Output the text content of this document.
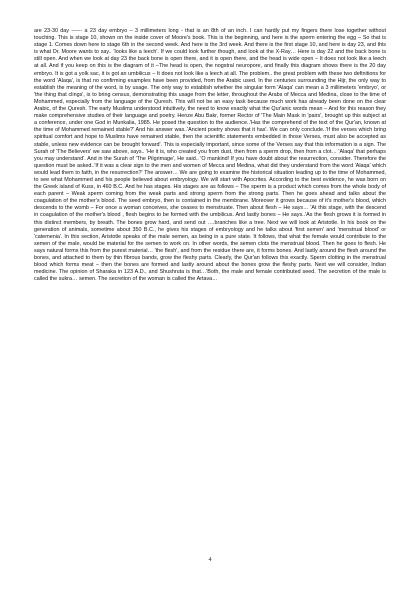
are 23-30 day ------ a 23 day embryo – 3 millimeters long - that is an 8th of an inch. I can hardly put my fingers there lose together without touching. This is stage 10, shown on the inside cover of Moore's book. This is the beginning, and here is the sperm entering the egg – So that is stage 1. Comes down here to stage 6th in the second week. And here is the 3rd week. And there is the first stage 10, and here is day 23, and this is what Dr. Moore wants to say.. 'looks like a leech'. If we could look further though, and look at the X-Ray… Here is day 22 and the back bone is still open. And when we look at day 23 the back bone is open there, and it is open there, and the head is wide open – It does not look like a leech at all. And if you keep on this is the diagram of it –The head is open, the nogstral neuropore, and finally this diagram shows there is the 20 day embryo. It is got a yolk sac, it is got an umbilicus – It does not look like a leech at all. The problem.. the great problem with these two definitions for the word 'Alaqa', is that no confirming examples have been provided, from the Arabic used. In the centuries surrounding the Hijr, the only way to establish the meaning of the word, is by usage. The only way to establish whether the singular form 'Alaqa' can mean a 3 millimeters 'embryo', or 'the thing that clings', is to bring census, demonstrating this usage from the letter, throughout the Arabs of Mecca and Medina, close to the time of Mohammed, especially from the language of the Quresh. This will not be an easy task because much work has already been done on the clear Arabic, of the Quresh. The early Muslims understood intuitively, the need to know exactly what the Qur'anic words mean – And for this reason they make comprehensive studies of their language and poetry. Henze Abu Bakr, former Rector of 'The Main Mask in 'pairs', brought up this subject at a conference, under one God in Munkalia, 1985. He posed the question to the audience..'Has the comprehend of the text of the Qur'an, known at the time of Mohammed remained stable?' And his answer was..'Ancient poetry shows that it has'. We can only conclude..'If the verses which bring spiritual comfort and hope to Muslims have remained stable, then the scientific statements embedded in those Verses, must also be accepted as stable, unless new evidence can be brought forward'. This is especially important, since some of the Verses say that this information is a sign. The Surah of 'The Believers' we saw above, says.. 'He it is, who created you from dust, then from a sperm drop, then from a clot… 'Alaqa' that perhaps you may understand'. And in the Surah of 'The Pilgrimage', He said.. 'O mankind! If you have doubt about the resurrection, consider. Therefore the question must be asked..'If it was a clear sign to the men and women of Mecca and Medina, what did they understand from the word 'Alaqa' which would lead them to faith, in the resurrection?' The answer… We are going to examine the historical situation leading up to the time of Mohammed, to see what Mohammed and his people believed about embryology. We will start with Apocrites. According to the best evidence, he was born on the Greek island of Kuss, in 460 B.C. And he has stages. His stages are as follows – The sperm is a product which comes from the whole body of each parent – Weak sperm coming from the weak parts and strong sperm from the strong parts. Then he goes ahead and talks about the coagulation of the mother's blood. The seed embryo, then is contained in the membrane. Moreover it grows because of it's mother's blood, which descends to the womb – For once a woman conceives, she ceases to menstruate. Then about flesh – He says… 'At this stage, with the descend in coagulation of the mother's blood , flesh begins to be formed with the umbilicus. And lastly bones – He says..'As the flesh grows it is formed in this distinct members, by breath. The bones grow hard, and send out ….branches like a tree. Next we will look at Aristotle. In his book on the generation of animals, sometime about 350 B.C., he gives his stages of embryology and he talks about 'first semen' and 'menstrual blood' or 'catemenia'. In this section, Aristotle speaks of the male semen, as being in a pure state. It follows, that what the female would contribute to the semen of the male, would be material for the semen to work on. In other words, the semen clots the menstrual blood. Then he goes to flesh. He says natural forms this from the purest material… 'the flesh', and from the residue there are, it forms bones. And lastly around the flesh around the bones, and attached to them by thin fibrous bands, grow the fleshy parts. Clearly, the Qur'an follows this exactly. Sperm clotting in the menstrual blood which forms meat – then the bones are formed and lastly around about the bones grow the fleshy parts. Next we will consider, Indian medicine. The opinion of Sharaka in 123 A.D., and Shushruta is that…'Both, the male and female contributed seed. The secretion of the male is called the sukra… semen. The secretion of the woman is called the Artava…

4
